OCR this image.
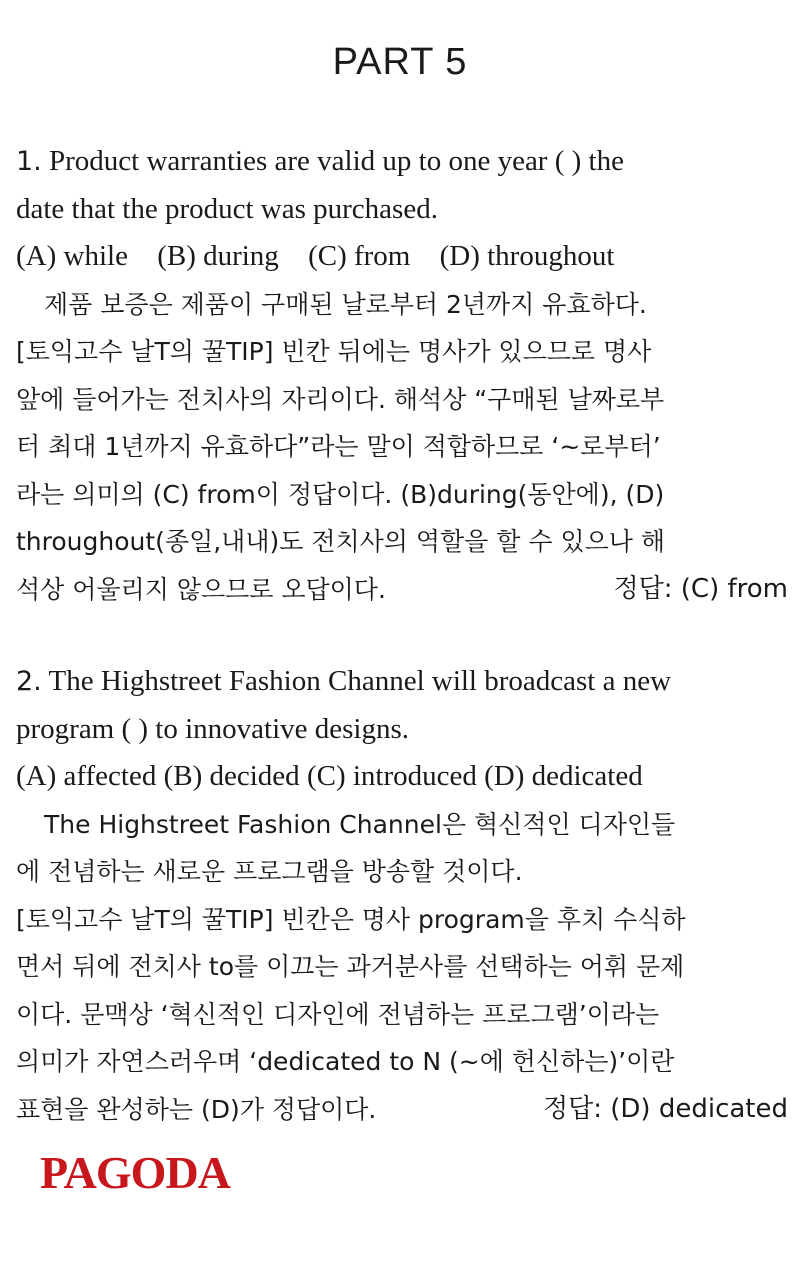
PART 5
1. Product warranties are valid up to one year ( ) the
date that the product was purchased.
(A) while (B) during (C) from (D) throughout
제품 보증은 제품이 구매된 날로부터 2년까지 유효하다.
[토익고수 날T의 꿀TIP] 빈칸 뒤에는 명사가 있으므로 명사
앞에 들어가는 전치사의 자리이다. 해석상 “구매된 날짜로부
터 최대 1년까지 유효하다”라는 말이 적합하므로 ‘~로부터’
라는 의미의 (C) from이 정답이다. (B)during(동안에), (D)
throughout(종일,내내)도 전치사의 역할을 할 수 있으나 해
석상 어울리지 않으므로 오답이다.	정답: (C) from
2. The Highstreet Fashion Channel will broadcast a new
program ( ) to innovative designs.
(A) affected (B) decided (C) introduced (D) dedicated
The Highstreet Fashion Channel은 혁신적인 디자인들
에 전념하는 새로운 프로그램을 방송할 것이다.
[토익고수 날T의 꿀TIP] 빈칸은 명사 program을 후치 수식하
면서 뒤에 전치사 to를 이끄는 과거분사를 선택하는 어휘 문제
이다. 문맥상 ‘혁신적인 디자인에 전념하는 프로그램’이라는
의미가 자연스러우며 ‘dedicated to N (~에 헌신하는)’이란
표현을 완성하는 (D)가 정답이다.	정답: (D) dedicated
PAGODA
